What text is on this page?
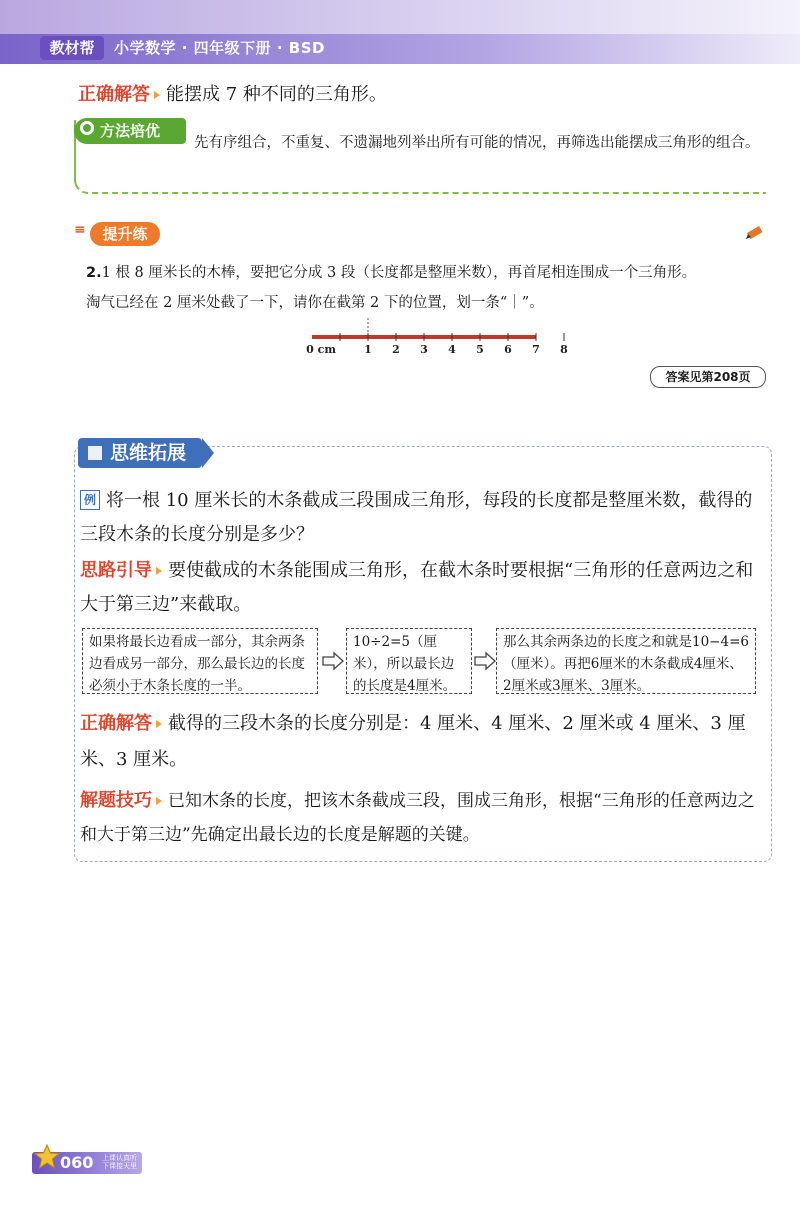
教材帮	小学数学 · 四年级下册 · BSD
正确解答 能摆成 7 种不同的三角形。
方法培优
先有序组合，不重复、不遗漏地列举出所有可能的情况，再筛选出能摆成三角形的组合。
≡	提升练
2.1 根 8 厘米长的木棒，要把它分成 3 段（长度都是整厘米数），再首尾相连围成一个三角形。
淘气已经在 2 厘米处截了一下，请你在截第 2 下的位置，划一条“｜”。
0 cm	1 2 3 4 5 6 7 8
答案见第208页
思维拓展
例 将一根 10 厘米长的木条截成三段围成三角形，每段的长度都是整厘米数，截得的三段木条的长度分别是多少？
思路引导 要使截成的木条能围成三角形，在截木条时要根据“三角形的任意两边之和大于第三边”来截取。
如果将最长边看成一部分，其余两条边看成另一部分，那么最长边的长度必须小于木条长度的一半。
10÷2=5（厘米），所以最长边的长度是4厘米。
那么其余两条边的长度之和就是10−4=6（厘米）。再把6厘米的木条截成4厘米、2厘米或3厘米、3厘米。
正确解答 截得的三段木条的长度分别是：4 厘米、4 厘米、2 厘米或 4 厘米、3 厘米、3 厘米。
解题技巧 已知木条的长度，把该木条截成三段，围成三角形，根据“三角形的任意两边之和大于第三边”先确定出最长边的长度是解题的关键。
060 上课认真听
下课接天里
